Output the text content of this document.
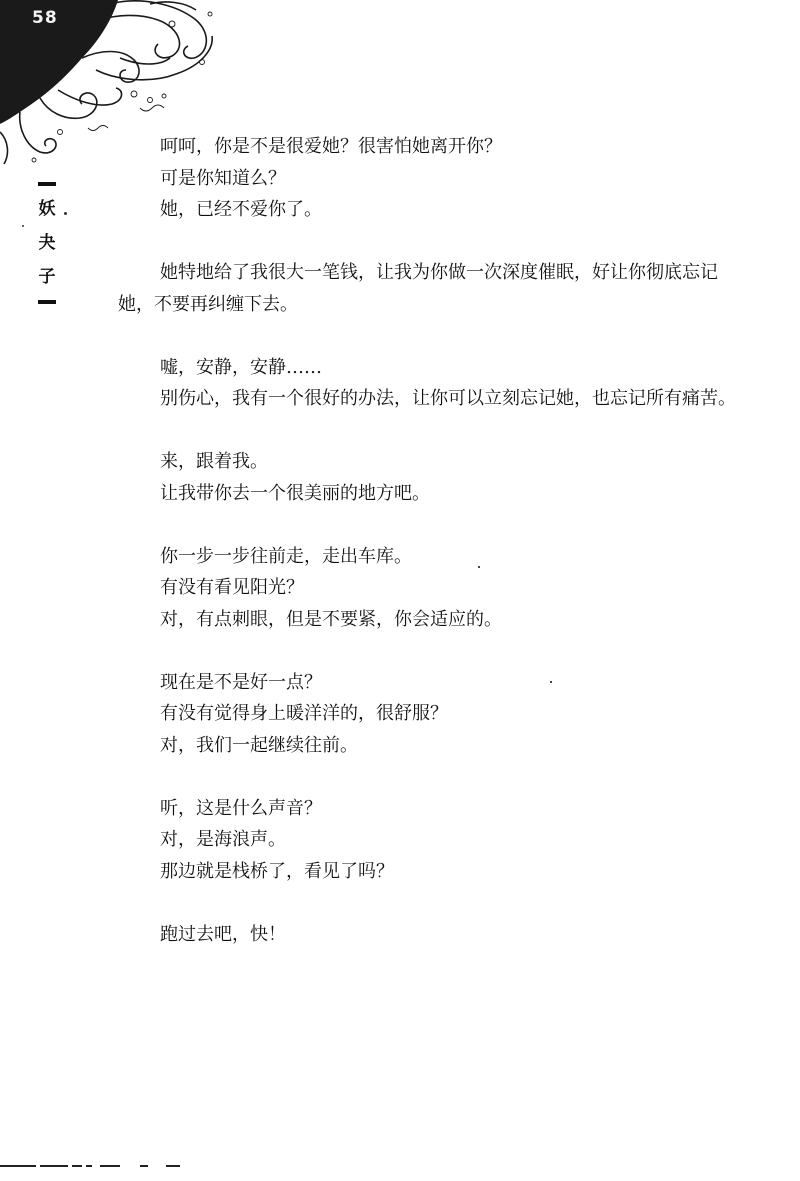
58
妖
夬
子

呵呵，你是不是很爱她？很害怕她离开你？

可是你知道么？

她，已经不爱你了。

她特地给了我很大一笔钱，让我为你做一次深度催眠，好让你彻底忘记她，不要再纠缠下去。

嘘，安静，安静……

别伤心，我有一个很好的办法，让你可以立刻忘记她，也忘记所有痛苦。

来，跟着我。

让我带你去一个很美丽的地方吧。

你一步一步往前走，走出车库。

有没有看见阳光？

对，有点刺眼，但是不要紧，你会适应的。

现在是不是好一点？

有没有觉得身上暖洋洋的，很舒服？

对，我们一起继续往前。

听，这是什么声音？

对，是海浪声。

那边就是栈桥了，看见了吗？

跑过去吧，快！
